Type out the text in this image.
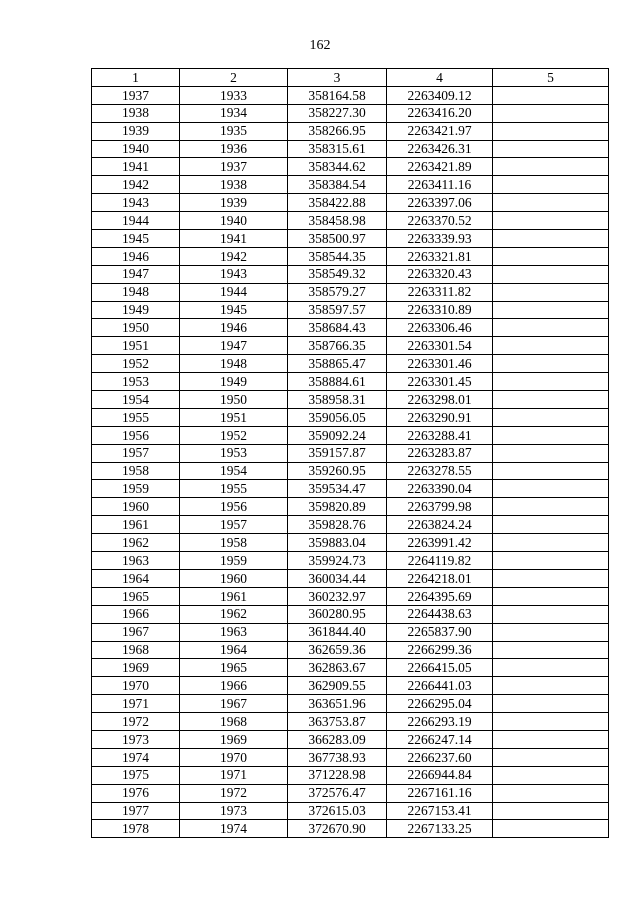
162
1	2	3	4	5
1937	1933	358164.58	2263409.12	
1938	1934	358227.30	2263416.20	
1939	1935	358266.95	2263421.97	
1940	1936	358315.61	2263426.31	
1941	1937	358344.62	2263421.89	
1942	1938	358384.54	2263411.16	
1943	1939	358422.88	2263397.06	
1944	1940	358458.98	2263370.52	
1945	1941	358500.97	2263339.93	
1946	1942	358544.35	2263321.81	
1947	1943	358549.32	2263320.43	
1948	1944	358579.27	2263311.82	
1949	1945	358597.57	2263310.89	
1950	1946	358684.43	2263306.46	
1951	1947	358766.35	2263301.54	
1952	1948	358865.47	2263301.46	
1953	1949	358884.61	2263301.45	
1954	1950	358958.31	2263298.01	
1955	1951	359056.05	2263290.91	
1956	1952	359092.24	2263288.41	
1957	1953	359157.87	2263283.87	
1958	1954	359260.95	2263278.55	
1959	1955	359534.47	2263390.04	
1960	1956	359820.89	2263799.98	
1961	1957	359828.76	2263824.24	
1962	1958	359883.04	2263991.42	
1963	1959	359924.73	2264119.82	
1964	1960	360034.44	2264218.01	
1965	1961	360232.97	2264395.69	
1966	1962	360280.95	2264438.63	
1967	1963	361844.40	2265837.90	
1968	1964	362659.36	2266299.36	
1969	1965	362863.67	2266415.05	
1970	1966	362909.55	2266441.03	
1971	1967	363651.96	2266295.04	
1972	1968	363753.87	2266293.19	
1973	1969	366283.09	2266247.14	
1974	1970	367738.93	2266237.60	
1975	1971	371228.98	2266944.84	
1976	1972	372576.47	2267161.16	
1977	1973	372615.03	2267153.41	
1978	1974	372670.90	2267133.25	
